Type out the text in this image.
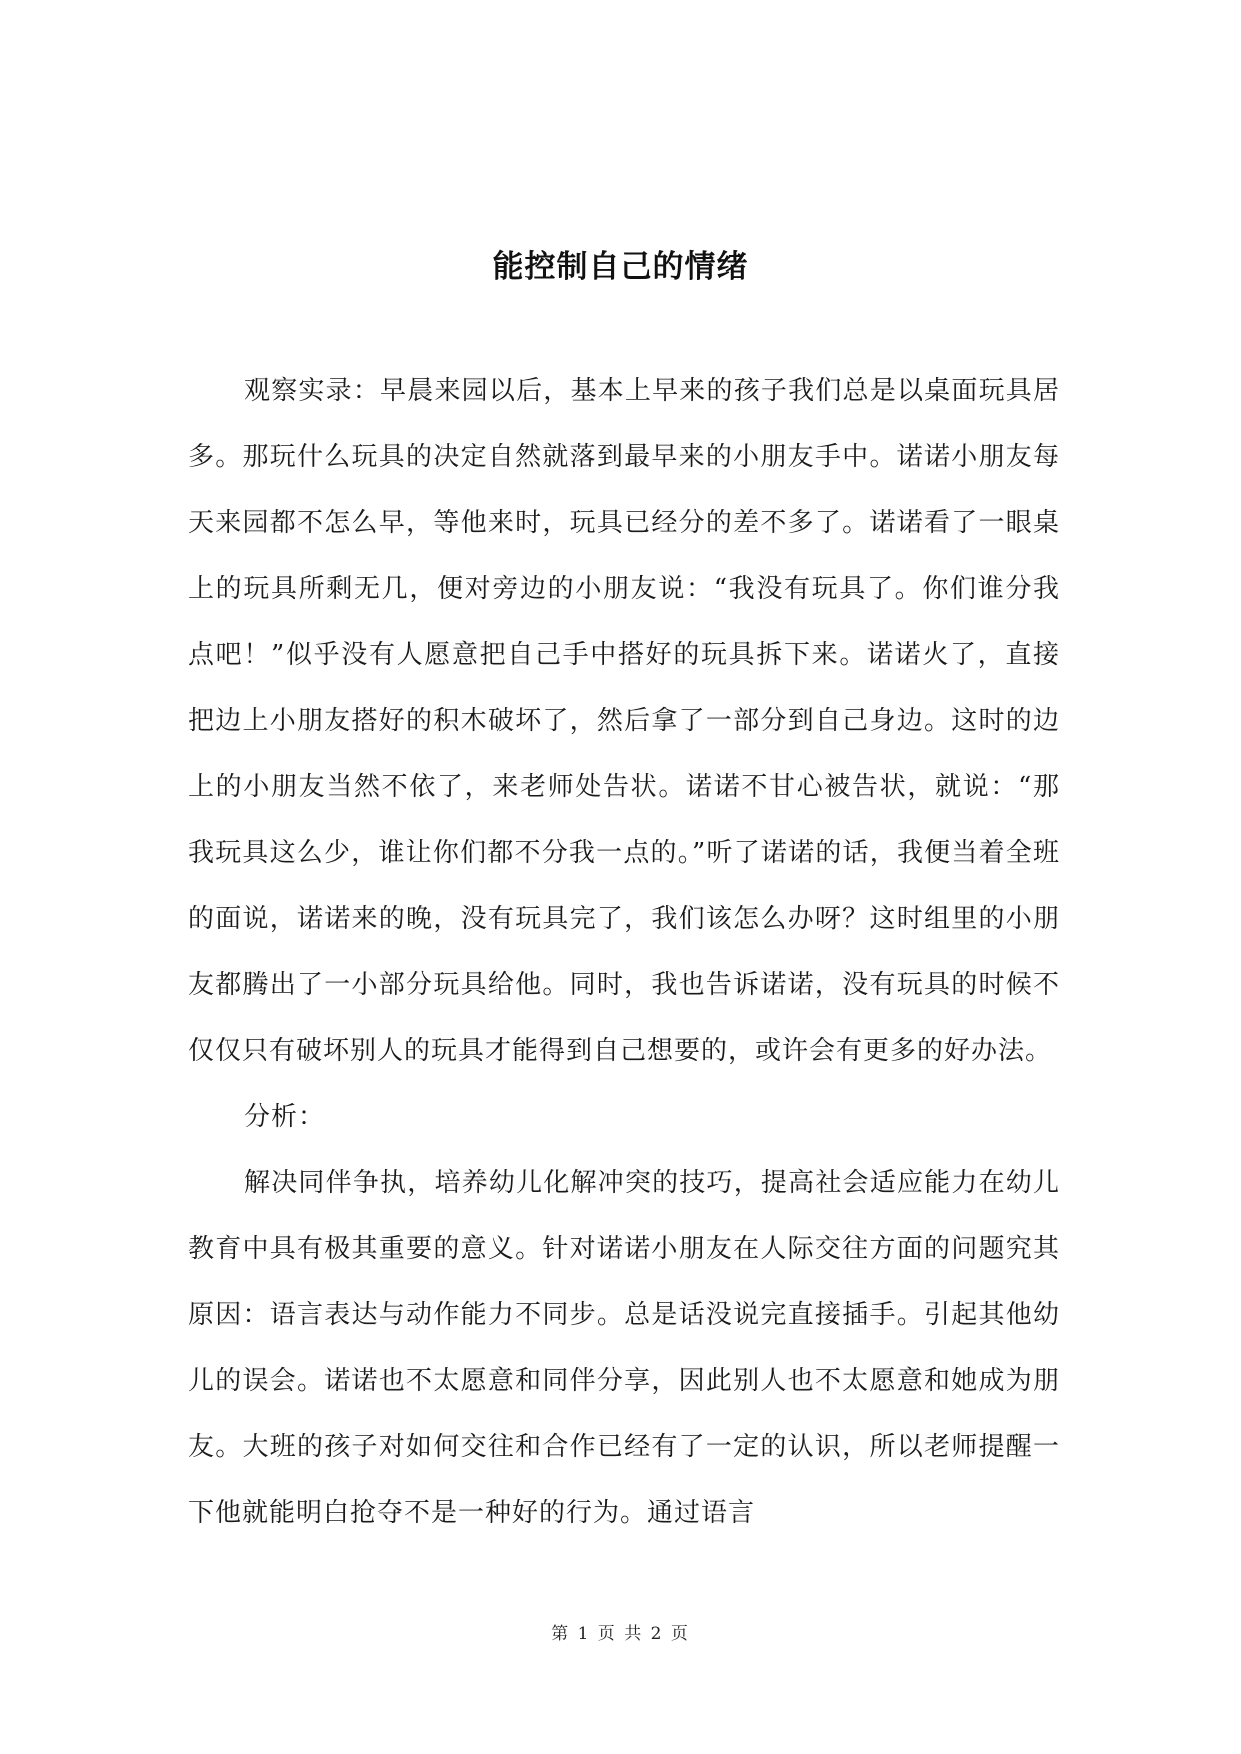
能控制自己的情绪

观察实录：早晨来园以后，基本上早来的孩子我们总是以桌面玩具居多。那玩什么玩具的决定自然就落到最早来的小朋友手中。诺诺小朋友每天来园都不怎么早，等他来时，玩具已经分的差不多了。诺诺看了一眼桌上的玩具所剩无几，便对旁边的小朋友说：“我没有玩具了。你们谁分我点吧！”似乎没有人愿意把自己手中搭好的玩具拆下来。诺诺火了，直接把边上小朋友搭好的积木破坏了，然后拿了一部分到自己身边。这时的边上的小朋友当然不依了，来老师处告状。诺诺不甘心被告状，就说：“那我玩具这么少，谁让你们都不分我一点的。”听了诺诺的话，我便当着全班的面说，诺诺来的晚，没有玩具完了，我们该怎么办呀？这时组里的小朋友都腾出了一小部分玩具给他。同时，我也告诉诺诺，没有玩具的时候不仅仅只有破坏别人的玩具才能得到自己想要的，或许会有更多的好办法。

分析：

解决同伴争执，培养幼儿化解冲突的技巧，提高社会适应能力在幼儿教育中具有极其重要的意义。针对诺诺小朋友在人际交往方面的问题究其原因：语言表达与动作能力不同步。总是话没说完直接插手。引起其他幼儿的误会。诺诺也不太愿意和同伴分享，因此别人也不太愿意和她成为朋友。大班的孩子对如何交往和合作已经有了一定的认识，所以老师提醒一下他就能明白抢夺不是一种好的行为。通过语言

第 1 页 共 2 页
